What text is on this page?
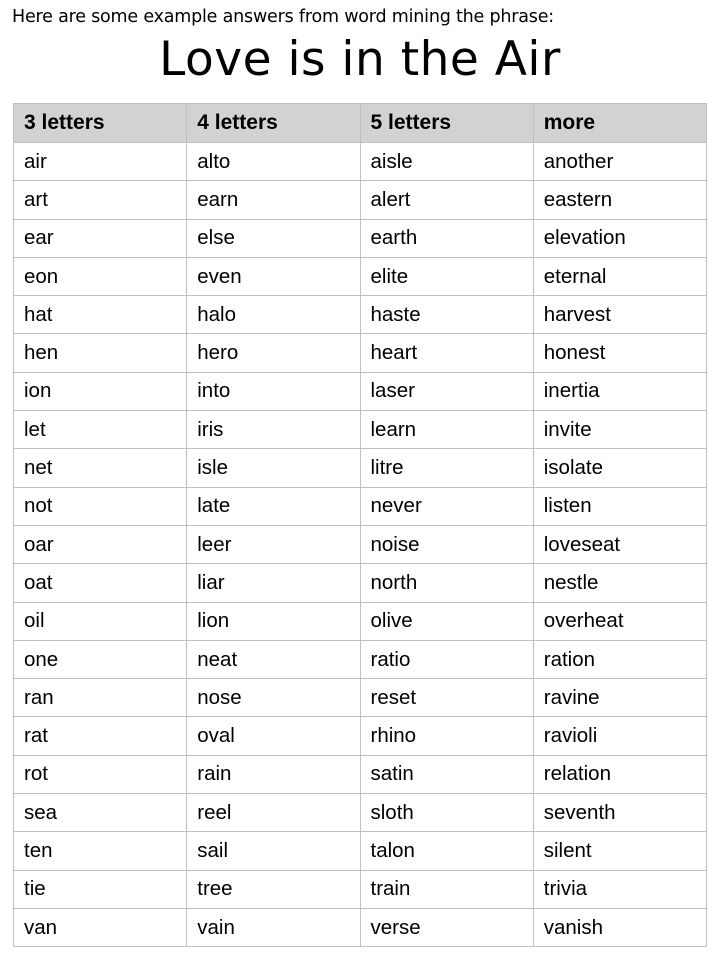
Here are some example answers from word mining the phrase:
Love is in the Air
3 letters	4 letters	5 letters	more
air	alto	aisle	another
art	earn	alert	eastern
ear	else	earth	elevation
eon	even	elite	eternal
hat	halo	haste	harvest
hen	hero	heart	honest
ion	into	laser	inertia
let	iris	learn	invite
net	isle	litre	isolate
not	late	never	listen
oar	leer	noise	loveseat
oat	liar	north	nestle
oil	lion	olive	overheat
one	neat	ratio	ration
ran	nose	reset	ravine
rat	oval	rhino	ravioli
rot	rain	satin	relation
sea	reel	sloth	seventh
ten	sail	talon	silent
tie	tree	train	trivia
van	vain	verse	vanish
